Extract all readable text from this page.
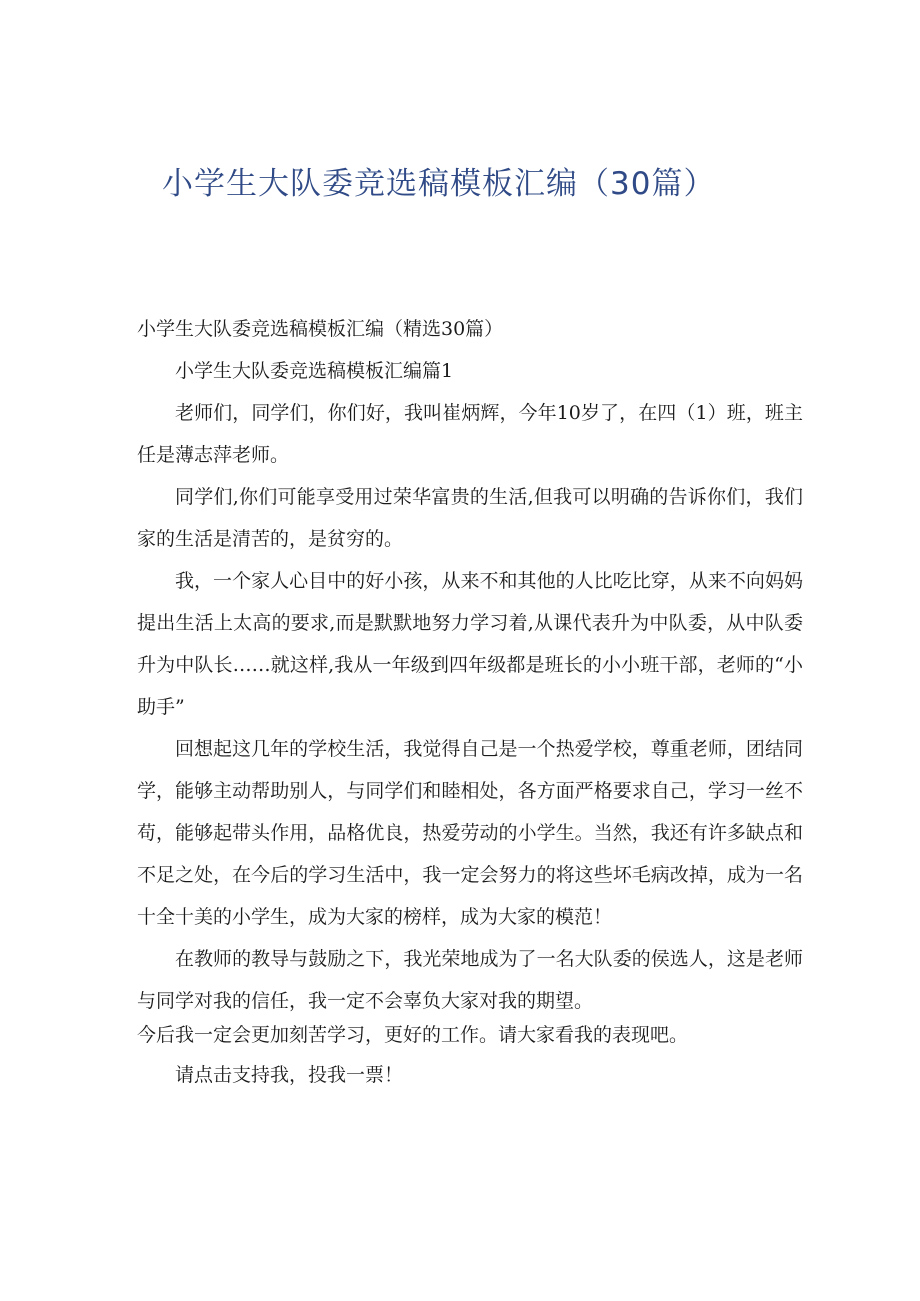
小学生大队委竞选稿模板汇编（30篇）

小学生大队委竞选稿模板汇编（精选30篇）

小学生大队委竞选稿模板汇编篇1

老师们，同学们，你们好，我叫崔炳辉，今年10岁了，在四（1）班，班主任是薄志萍老师。

同学们,你们可能享受用过荣华富贵的生活,但我可以明确的告诉你们，我们家的生活是清苦的，是贫穷的。

我，一个家人心目中的好小孩，从来不和其他的人比吃比穿，从来不向妈妈提出生活上太高的要求,而是默默地努力学习着,从课代表升为中队委，从中队委升为中队长……就这样,我从一年级到四年级都是班长的小小班干部，老师的“小助手”

回想起这几年的学校生活，我觉得自己是一个热爱学校，尊重老师，团结同学，能够主动帮助别人，与同学们和睦相处，各方面严格要求自己，学习一丝不苟，能够起带头作用，品格优良，热爱劳动的小学生。当然，我还有许多缺点和不足之处，在今后的学习生活中，我一定会努力的将这些坏毛病改掉，成为一名十全十美的小学生，成为大家的榜样，成为大家的模范！

在教师的教导与鼓励之下，我光荣地成为了一名大队委的侯选人，这是老师与同学对我的信任，我一定不会辜负大家对我的期望。

今后我一定会更加刻苦学习，更好的工作。请大家看我的表现吧。

请点击支持我，投我一票！
